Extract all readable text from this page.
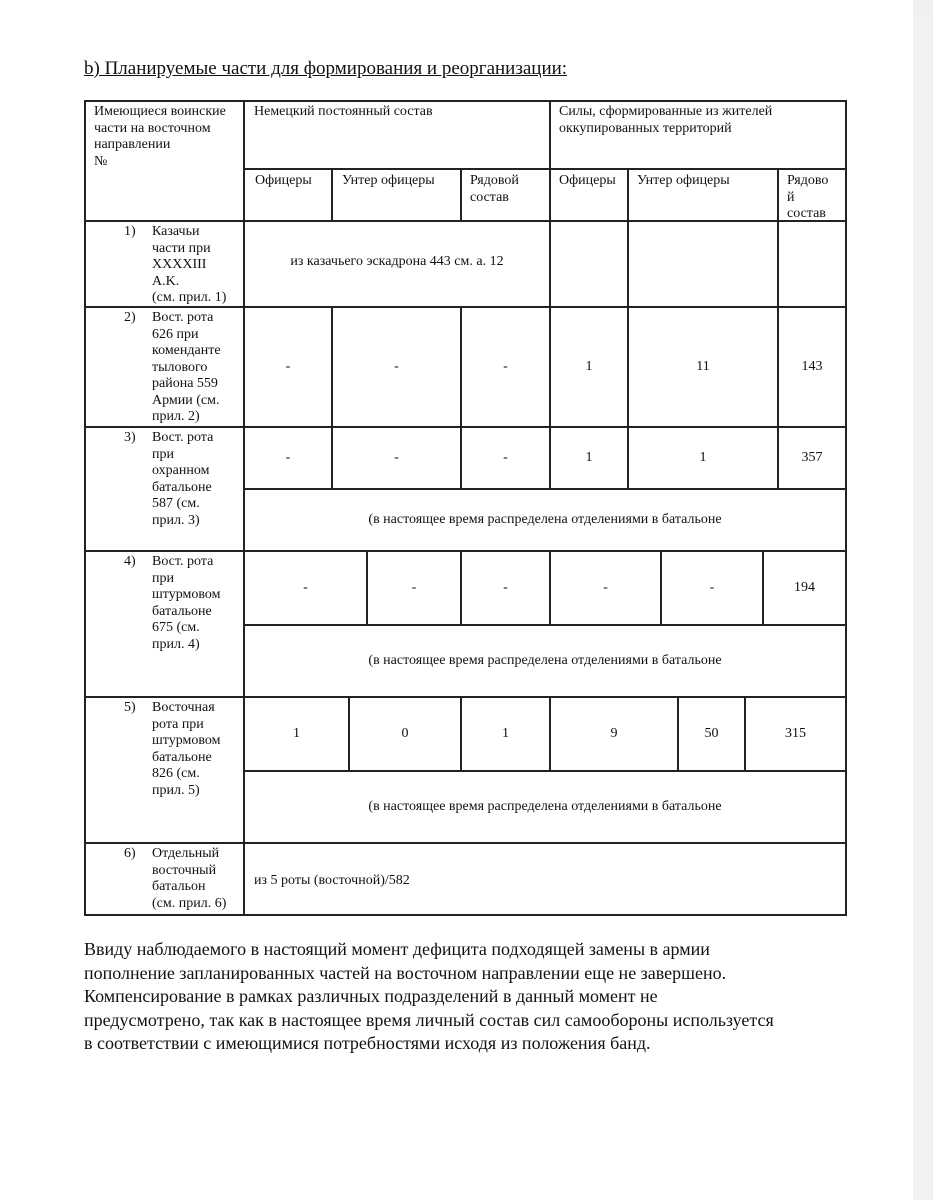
b) Планируемые части для формирования и реорганизации:
Имеющиеся воинские
части на восточном
направлении
№
Немецкий постоянный состав	Силы, сформированные из жителей
оккупированных территорий
Офицеры Унтер офицеры	Рядовой
состав
Офицеры Унтер офицеры	Рядово
й
состав
1) Казачьи
части при
XXXXIII
A.K.
(см. прил. 1)
из казачьего эскадрона 443 см. а. 12
2) Вост. рота
626 при
коменданте
тылового
района 559
Армии (см.
прил. 2)
-	-	-	1	11	143
3) Вост. рота
при
охранном
батальоне
587 (см.
прил. 3)
-	-	-	1	1	357
(в настоящее время распределена отделениями в батальоне
4) Вост. рота
при
штурмовом
батальоне
675 (см.
прил. 4)
-	-	-	-	-	194
(в настоящее время распределена отделениями в батальоне
5) Восточная
рота при
штурмовом
батальоне
826 (см.
прил. 5)
1	0	1	9	50	315
(в настоящее время распределена отделениями в батальоне
6) Отдельный
восточный
батальон
(см. прил. 6)
из 5 роты (восточной)/582
Ввиду наблюдаемого в настоящий момент дефицита подходящей замены в армии
пополнение запланированных частей на восточном направлении еще не завершено.
Компенсирование в рамках различных подразделений в данный момент не
предусмотрено, так как в настоящее время личный состав сил самообороны используется
в соответствии с имеющимися потребностями исходя из положения банд.
